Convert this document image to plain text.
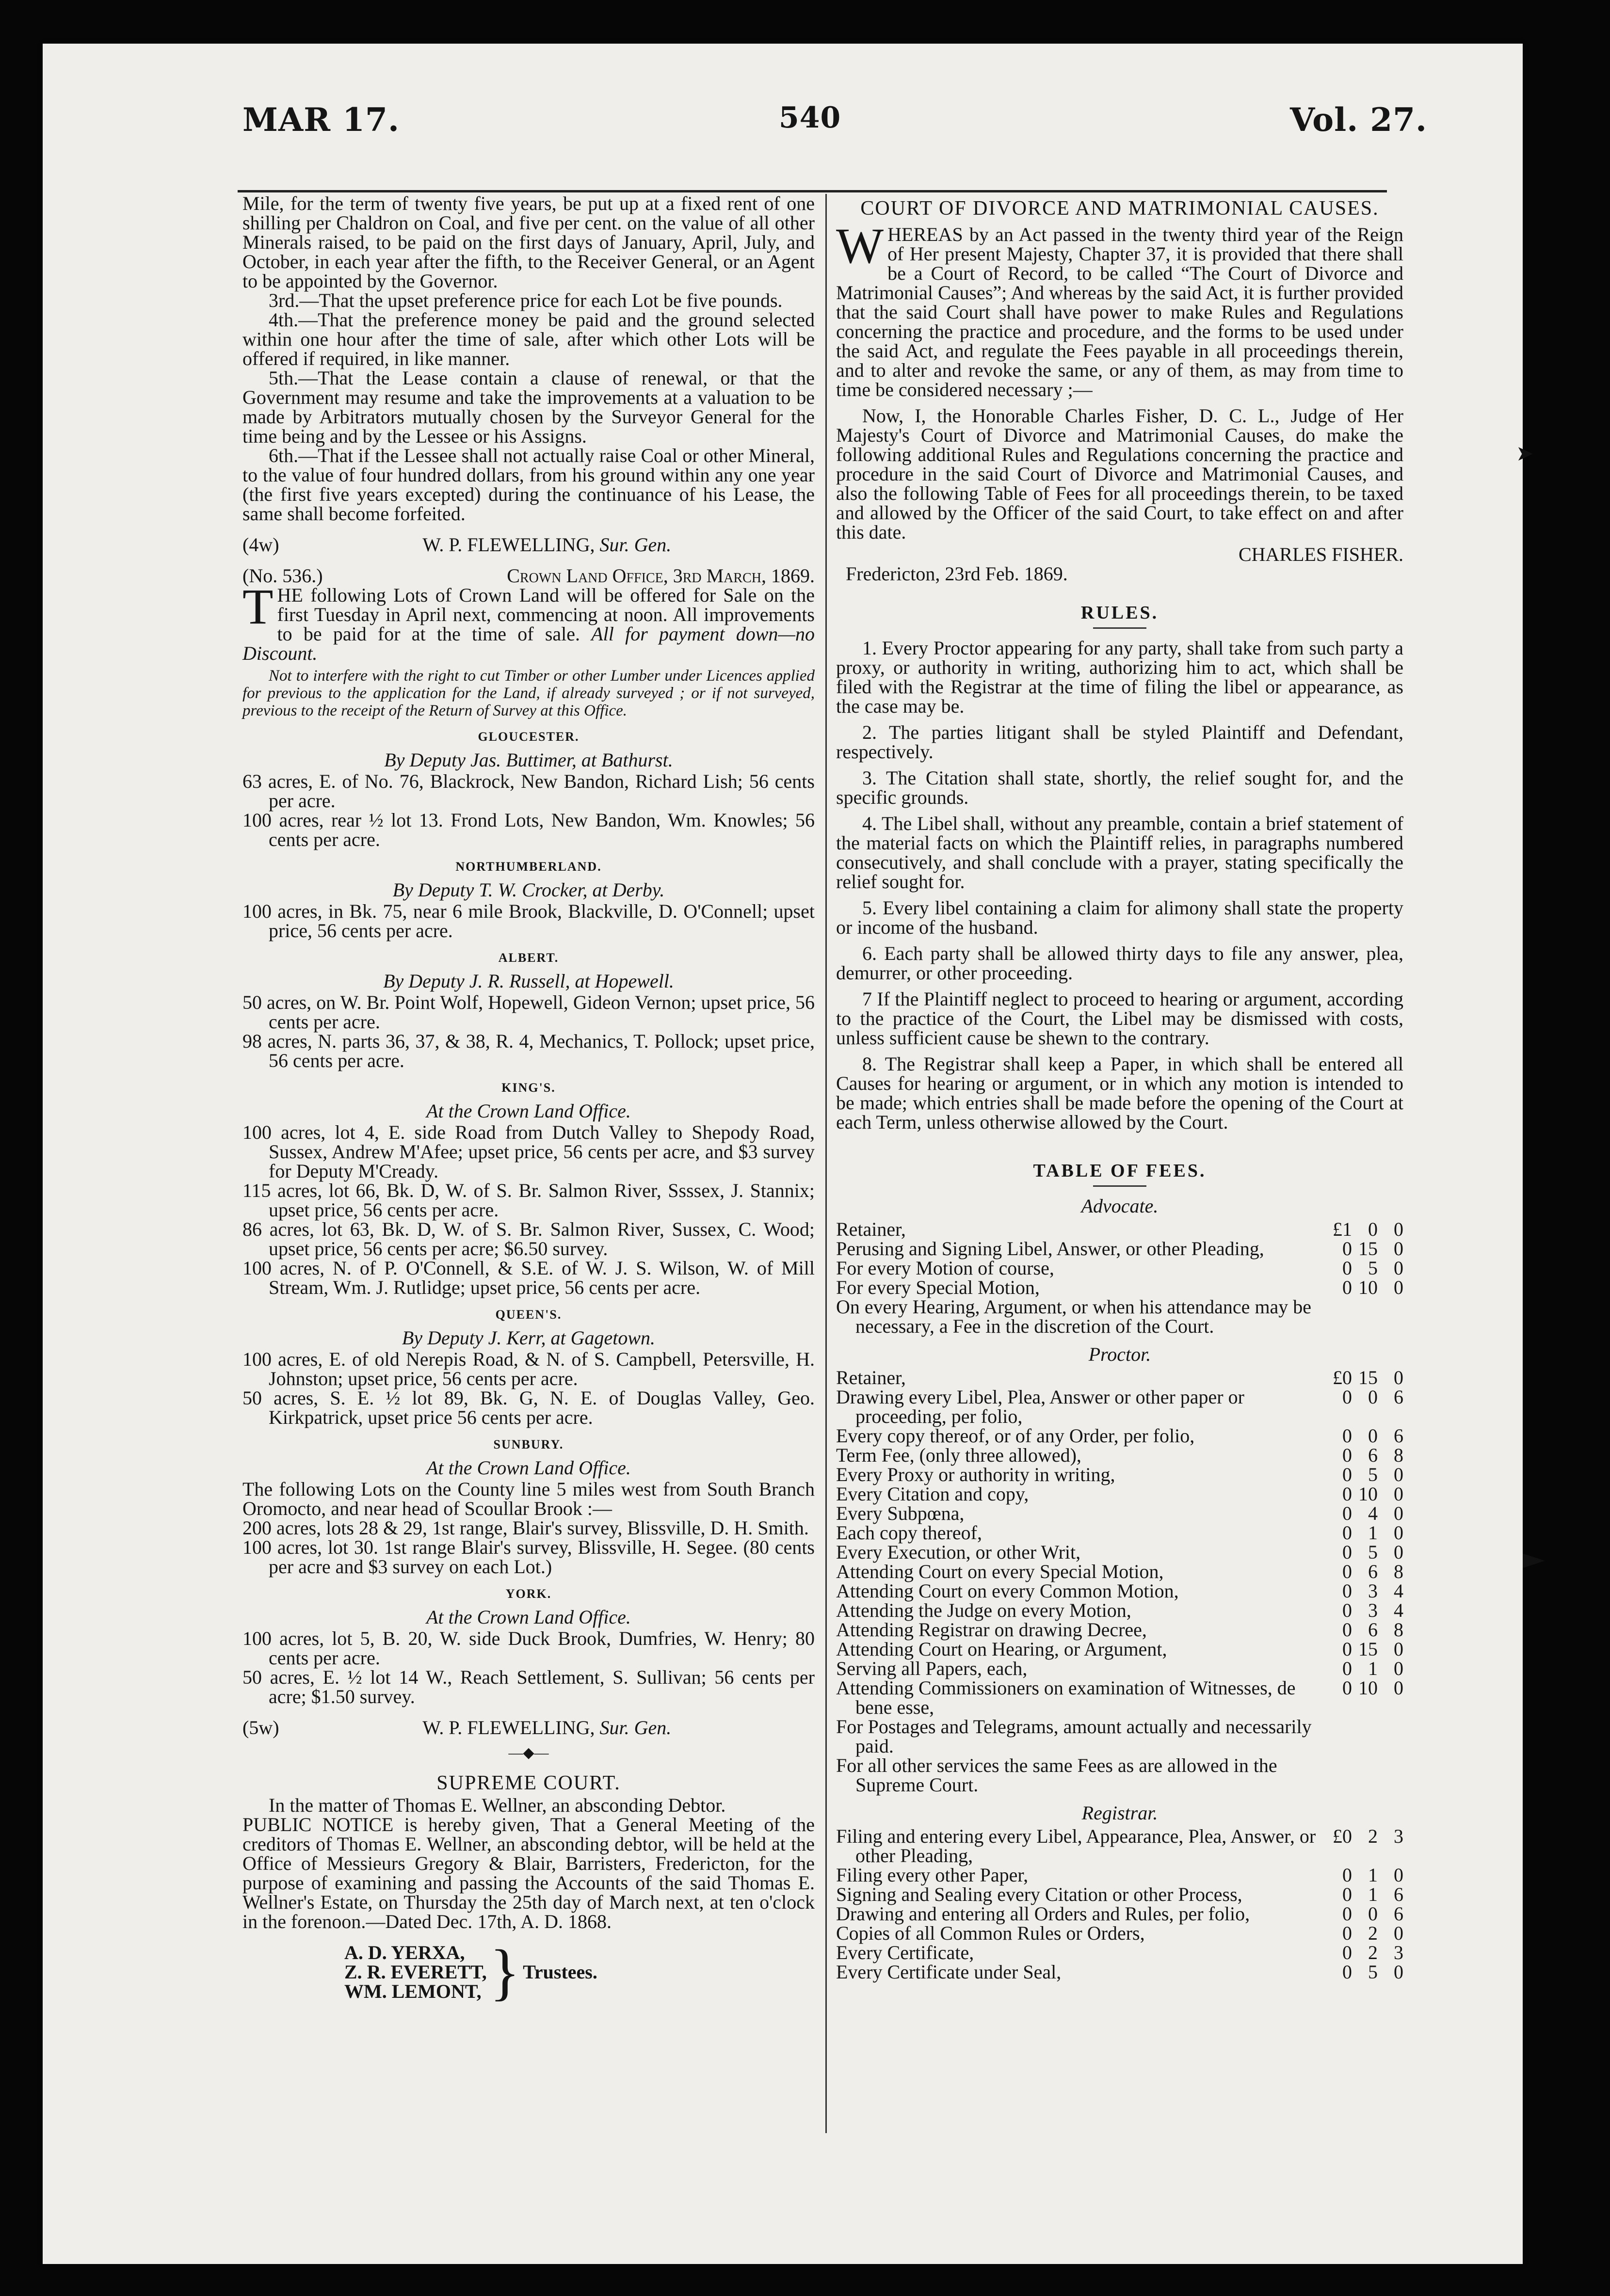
MAR 17.	540	Vol. 27.
➤
►

Mile, for the term of twenty five years, be put up at a fixed rent of one shilling per Chaldron on Coal, and five per cent. on the value of all other Minerals raised, to be paid on the first days of January, April, July, and October, in each year after the fifth, to the Receiver General, or an Agent to be appointed by the Governor.

3rd.—That the upset preference price for each Lot be five pounds.

4th.—That the preference money be paid and the ground selected within one hour after the time of sale, after which other Lots will be offered if required, in like manner.

5th.—That the Lease contain a clause of renewal, or that the Government may resume and take the improvements at a valuation to be made by Arbitrators mutually chosen by the Surveyor General for the time being and by the Lessee or his Assigns.

6th.—That if the Lessee shall not actually raise Coal or other Mineral, to the value of four hundred dollars, from his ground within any one year (the first five years excepted) during the continuance of his Lease, the same shall become forfeited.

(4w)	W. P. FLEWELLING, Sur. Gen.
(No. 536.)	Crown Land Office, 3rd March, 1869.

THE following Lots of Crown Land will be offered for Sale on the first Tuesday in April next, commencing at noon. All improvements to be paid for at the time of sale. All for payment down—no Discount.

Not to interfere with the right to cut Timber or other Lumber under Licences applied for previous to the application for the Land, if already surveyed ; or if not surveyed, previous to the receipt of the Return of Survey at this Office.

GLOUCESTER.
By Deputy Jas. Buttimer, at Bathurst.

63 acres, E. of No. 76, Blackrock, New Bandon, Richard Lish; 56 cents per acre.

100 acres, rear ½ lot 13. Frond Lots, New Bandon, Wm. Knowles; 56 cents per acre.

NORTHUMBERLAND.
By Deputy T. W. Crocker, at Derby.

100 acres, in Bk. 75, near 6 mile Brook, Blackville, D. O'Connell; upset price, 56 cents per acre.

ALBERT.
By Deputy J. R. Russell, at Hopewell.

50 acres, on W. Br. Point Wolf, Hopewell, Gideon Vernon; upset price, 56 cents per acre.

98 acres, N. parts 36, 37, & 38, R. 4, Mechanics, T. Pollock; upset price, 56 cents per acre.

KING'S.
At the Crown Land Office.

100 acres, lot 4, E. side Road from Dutch Valley to Shepody Road, Sussex, Andrew M'Afee; upset price, 56 cents per acre, and $3 survey for Deputy M'Cready.

115 acres, lot 66, Bk. D, W. of S. Br. Salmon River, Ssssex, J. Stannix; upset price, 56 cents per acre.

86 acres, lot 63, Bk. D, W. of S. Br. Salmon River, Sussex, C. Wood; upset price, 56 cents per acre; $6.50 survey.

100 acres, N. of P. O'Connell, & S.E. of W. J. S. Wilson, W. of Mill Stream, Wm. J. Rutlidge; upset price, 56 cents per acre.

QUEEN'S.
By Deputy J. Kerr, at Gagetown.

100 acres, E. of old Nerepis Road, & N. of S. Campbell, Petersville, H. Johnston; upset price, 56 cents per acre.

50 acres, S. E. ½ lot 89, Bk. G, N. E. of Douglas Valley, Geo. Kirkpatrick, upset price 56 cents per acre.

SUNBURY.
At the Crown Land Office.

The following Lots on the County line 5 miles west from South Branch Oromocto, and near head of Scoullar Brook :—

200 acres, lots 28 & 29, 1st range, Blair's survey, Blissville, D. H. Smith.

100 acres, lot 30. 1st range Blair's survey, Blissville, H. Segee. (80 cents per acre and $3 survey on each Lot.)

YORK.
At the Crown Land Office.

100 acres, lot 5, B. 20, W. side Duck Brook, Dumfries, W. Henry; 80 cents per acre.

50 acres, E. ½ lot 14 W., Reach Settlement, S. Sullivan; 56 cents per acre; $1.50 survey.

(5w)	W. P. FLEWELLING, Sur. Gen.
—◆—
SUPREME COURT.

In the matter of Thomas E. Wellner, an absconding Debtor.

PUBLIC NOTICE is hereby given, That a General Meeting of the creditors of Thomas E. Wellner, an absconding debtor, will be held at the Office of Messieurs Gregory & Blair, Barristers, Fredericton, for the purpose of examining and passing the Accounts of the said Thomas E. Wellner's Estate, on Thursday the 25th day of March next, at ten o'clock in the forenoon.—Dated Dec. 17th, A. D. 1868.

A. D. YERXA,
Z. R. EVERETT,
WM. LEMONT, } Trustees.
COURT OF DIVORCE AND MATRIMONIAL CAUSES.

WHEREAS by an Act passed in the twenty third year of the Reign of Her present Majesty, Chapter 37, it is provided that there shall be a Court of Record, to be called “The Court of Divorce and Matrimonial Causes”; And whereas by the said Act, it is further provided that the said Court shall have power to make Rules and Regulations concerning the practice and procedure, and the forms to be used under the said Act, and regulate the Fees payable in all proceedings therein, and to alter and revoke the same, or any of them, as may from time to time be considered necessary ;—

Now, I, the Honorable Charles Fisher, D. C. L., Judge of Her Majesty's Court of Divorce and Matrimonial Causes, do make the following additional Rules and Regulations concerning the practice and procedure in the said Court of Divorce and Matrimonial Causes, and also the following Table of Fees for all proceedings therein, to be taxed and allowed by the Officer of the said Court, to take effect on and after this date.

CHARLES FISHER.
Fredericton, 23rd Feb. 1869.
RULES.

1. Every Proctor appearing for any party, shall take from such party a proxy, or authority in writing, authorizing him to act, which shall be filed with the Registrar at the time of filing the libel or appearance, as the case may be.

2. The parties litigant shall be styled Plaintiff and Defendant, respectively.

3. The Citation shall state, shortly, the relief sought for, and the specific grounds.

4. The Libel shall, without any preamble, contain a brief statement of the material facts on which the Plaintiff relies, in paragraphs numbered consecutively, and shall conclude with a prayer, stating specifically the relief sought for.

5. Every libel containing a claim for alimony shall state the property or income of the husband.

6. Each party shall be allowed thirty days to file any answer, plea, demurrer, or other proceeding.

7 If the Plaintiff neglect to proceed to hearing or argument, according to the practice of the Court, the Libel may be dismissed with costs, unless sufficient cause be shewn to the contrary.

8. The Registrar shall keep a Paper, in which shall be entered all Causes for hearing or argument, or in which any motion is intended to be made; which entries shall be made before the opening of the Court at each Term, unless otherwise allowed by the Court.

TABLE OF FEES.
Advocate.
Retainer,	£1 0 0
Perusing and Signing Libel, Answer, or other Pleading,	0 15 0
For every Motion of course,	0 5 0
For every Special Motion,	0 10 0
On every Hearing, Argument, or when his attendance may be necessary, a Fee in the discretion of the Court.
Proctor.
Retainer,	£0 15 0
Drawing every Libel, Plea, Answer or other paper or proceeding, per folio,
0 0 6
Every copy thereof, or of any Order, per folio,	0 0 6
Term Fee, (only three allowed),	0 6 8
Every Proxy or authority in writing,	0 5 0
Every Citation and copy,	0 10 0
Every Subpœna,	0 4 0
Each copy thereof,	0 1 0
Every Execution, or other Writ,	0 5 0
Attending Court on every Special Motion,	0 6 8
Attending Court on every Common Motion,	0 3 4
Attending the Judge on every Motion,	0 3 4
Attending Registrar on drawing Decree,	0 6 8
Attending Court on Hearing, or Argument,	0 15 0
Serving all Papers, each,	0 1 0
Attending Commissioners on examination of Witnesses, de bene esse,
0 10 0
For Postages and Telegrams, amount actually and necessarily paid.
For all other services the same Fees as are allowed in the Supreme Court.
Registrar.
Filing and entering every Libel, Appearance, Plea, Answer, or other Pleading,
£0 2 3
Filing every other Paper,	0 1 0
Signing and Sealing every Citation or other Process,	0 1 6
Drawing and entering all Orders and Rules, per folio,	0 0 6
Copies of all Common Rules or Orders,	0 2 0
Every Certificate,	0 2 3
Every Certificate under Seal,	0 5 0
